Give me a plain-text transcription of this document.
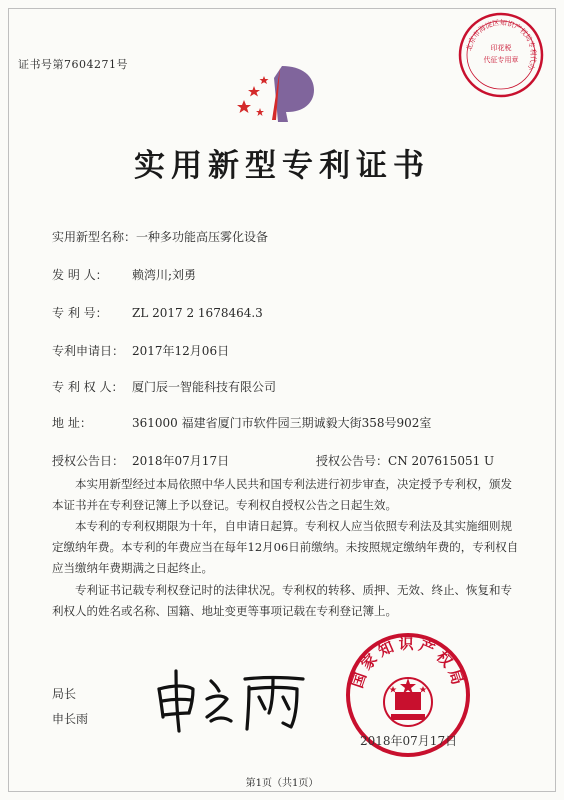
证书号第7604271号
北京市海淀区知识产权局专利代办
印花税
代征专用章
实用新型专利证书
实用新型名称：一种多功能高压雾化设备
发 明 人： 赖湾川;刘勇
专 利 号： ZL 2017 2 1678464.3
专利申请日： 2017年12月06日
专 利 权 人： 厦门辰一智能科技有限公司
地 址：	361000 福建省厦门市软件园三期诚毅大街358号902室
授权公告日： 2018年07月17日	授权公告号：CN 207615051 U

本实用新型经过本局依照中华人民共和国专利法进行初步审查，决定授予专利权，颁发本证书并在专利登记簿上予以登记。专利权自授权公告之日起生效。

本专利的专利权期限为十年，自申请日起算。专利权人应当依照专利法及其实施细则规定缴纳年费。本专利的年费应当在每年12月06日前缴纳。未按照规定缴纳年费的，专利权自应当缴纳年费期满之日起终止。

专利证书记载专利权登记时的法律状况。专利权的转移、质押、无效、终止、恢复和专利权人的姓名或名称、国籍、地址变更等事项记载在专利登记簿上。

局长
申长雨
国家知识产权局
2018年07月17日
第1页（共1页）
